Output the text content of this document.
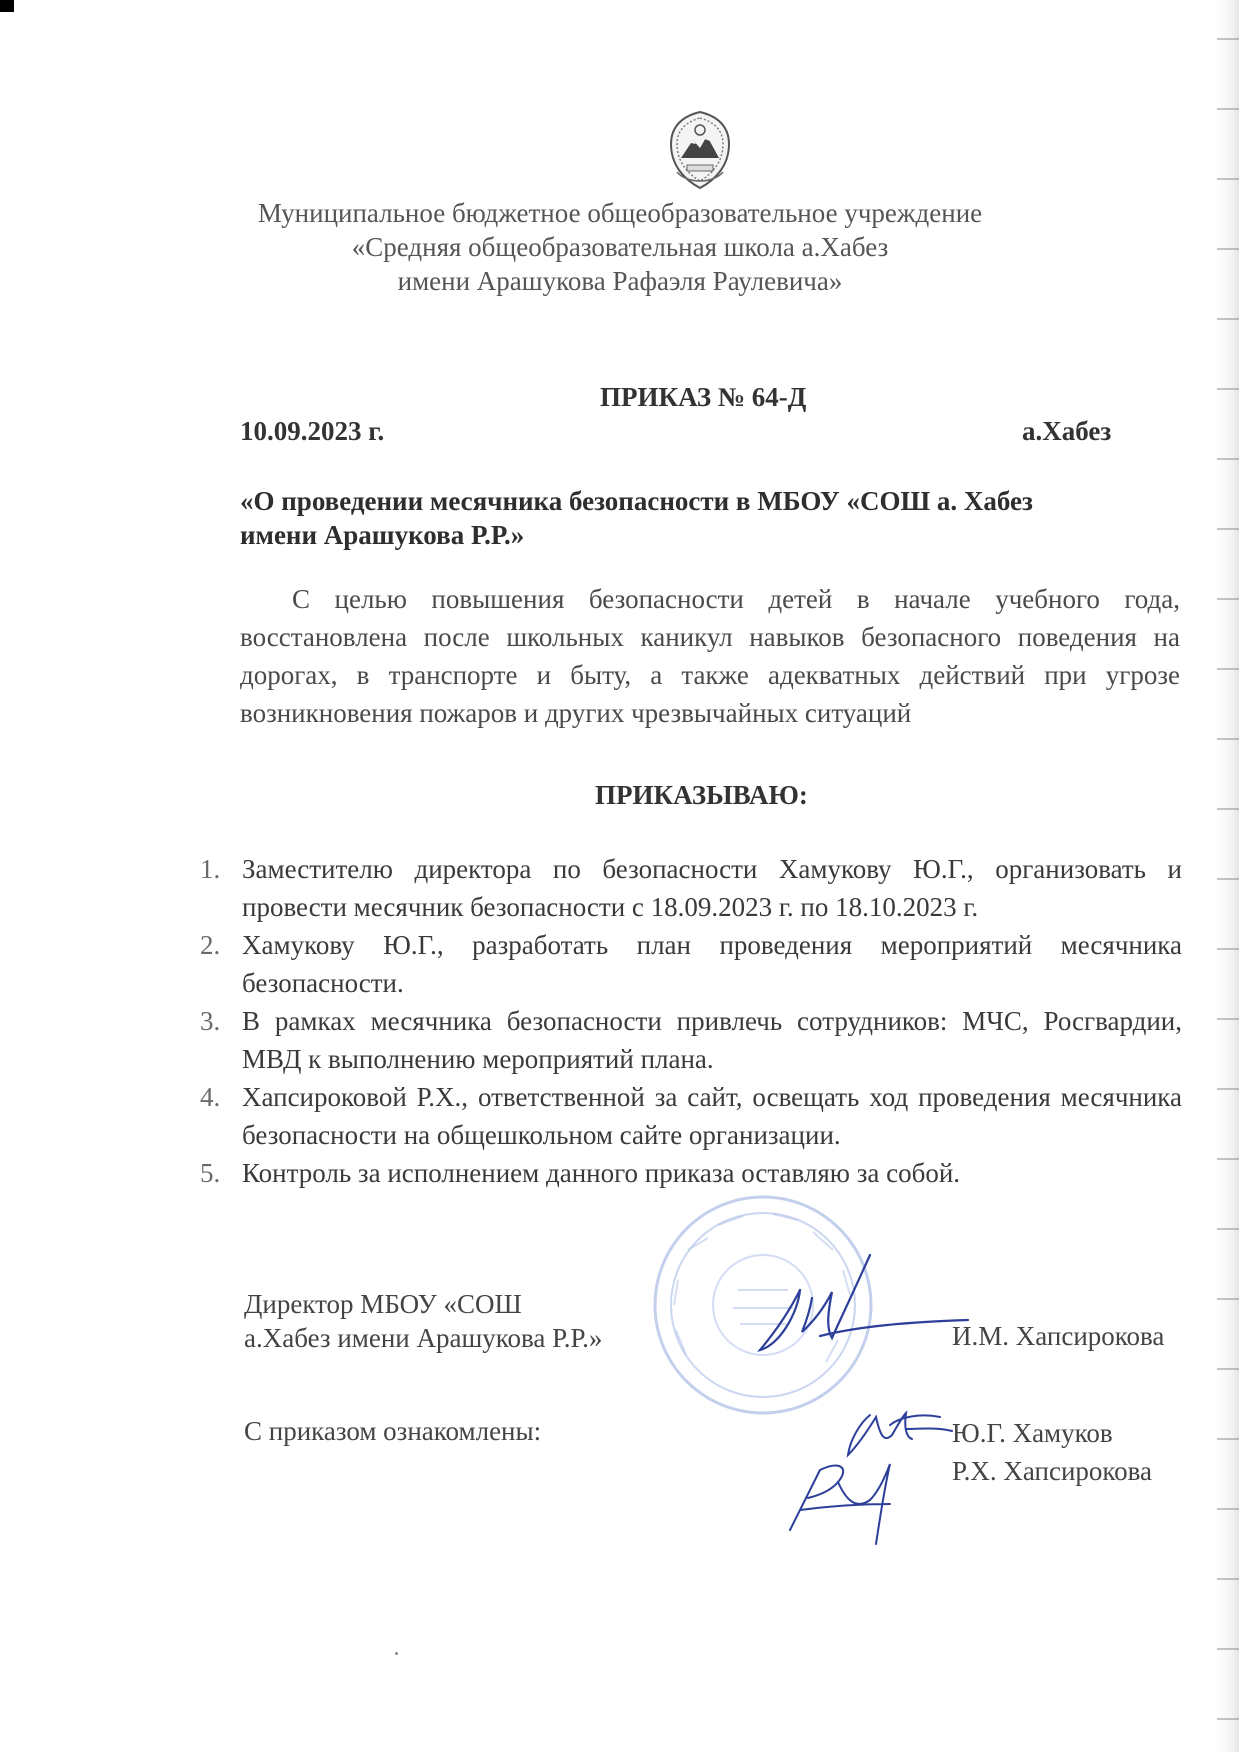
Муниципальное бюджетное общеобразовательное учреждение
«Средняя общеобразовательная школа а.Хабез
имени Арашукова Рафаэля Раулевича»
ПРИКАЗ № 64-Д
10.09.2023 г.	а.Хабез
«О проведении месячника безопасности в МБОУ «СОШ а. Хабез
имени Арашукова Р.Р.»
С целью повышения безопасности детей в начале учебного года, восстановлена после школьных каникул навыков безопасного поведения на дорогах, в транспорте и быту, а также адекватных действий при угрозе возникновения пожаров и других чрезвычайных ситуаций
ПРИКАЗЫВАЮ:
1. Заместителю директора по безопасности Хамукову Ю.Г., организовать и провести месячник безопасности с 18.09.2023 г. по 18.10.2023 г.
2. Хамукову Ю.Г., разработать план проведения мероприятий месячника безопасности.
3. В рамках месячника безопасности привлечь сотрудников: МЧС, Росгвардии, МВД к выполнению мероприятий плана.
4. Хапсироковой Р.Х., ответственной за сайт, освещать ход проведения месячника безопасности на общешкольном сайте организации.
5. Контроль за исполнением данного приказа оставляю за собой.
Директор МБОУ «СОШ
а.Хабез имени Арашукова Р.Р.»	И.М. Хапсирокова
С приказом ознакомлены:	Ю.Г. Хамуков
Р.Х. Хапсирокова
